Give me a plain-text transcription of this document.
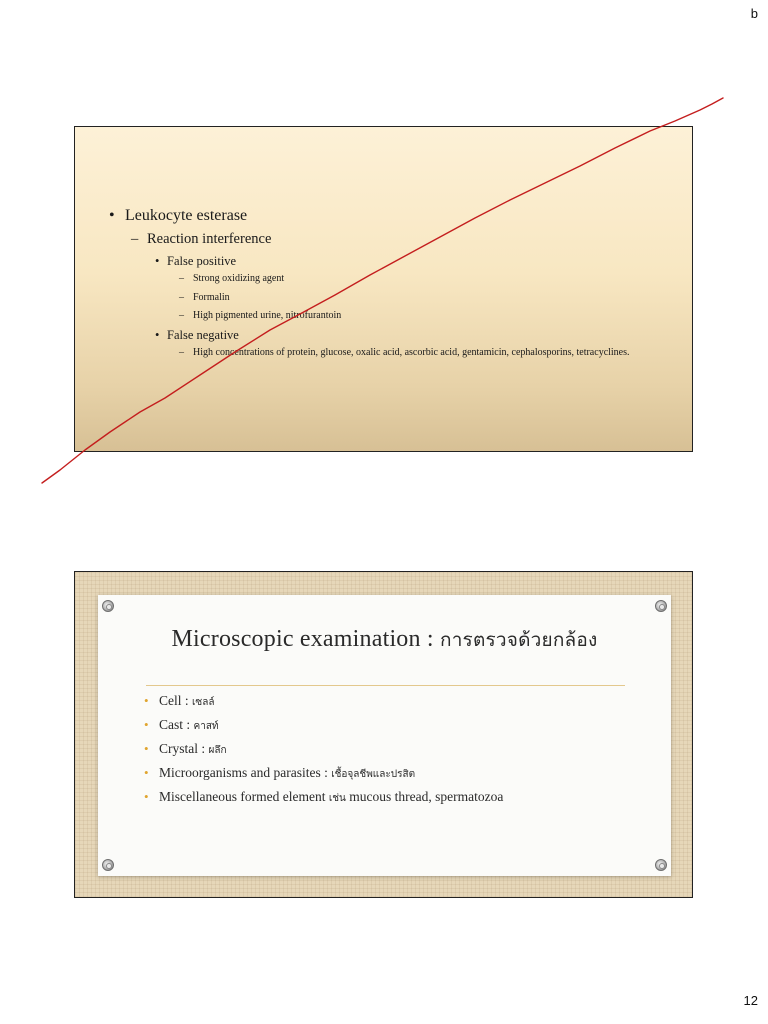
b
• Leukocyte esterase
– Reaction interference
• False positive
– Strong oxidizing agent
– Formalin
– High pigmented urine, nitrofurantoin
• False negative
– High concentrations of protein, glucose, oxalic acid, ascorbic acid, gentamicin, cephalosporins, tetracyclines.
Microscopic examination : การตรวจด้วยกล้อง
• Cell : เซลล์
• Cast : คาสท์
• Crystal : ผลึก
• Microorganisms and parasites : เชื้อจุลชีพและปรสิต
• Miscellaneous formed element เช่น mucous thread, spermatozoa
12
